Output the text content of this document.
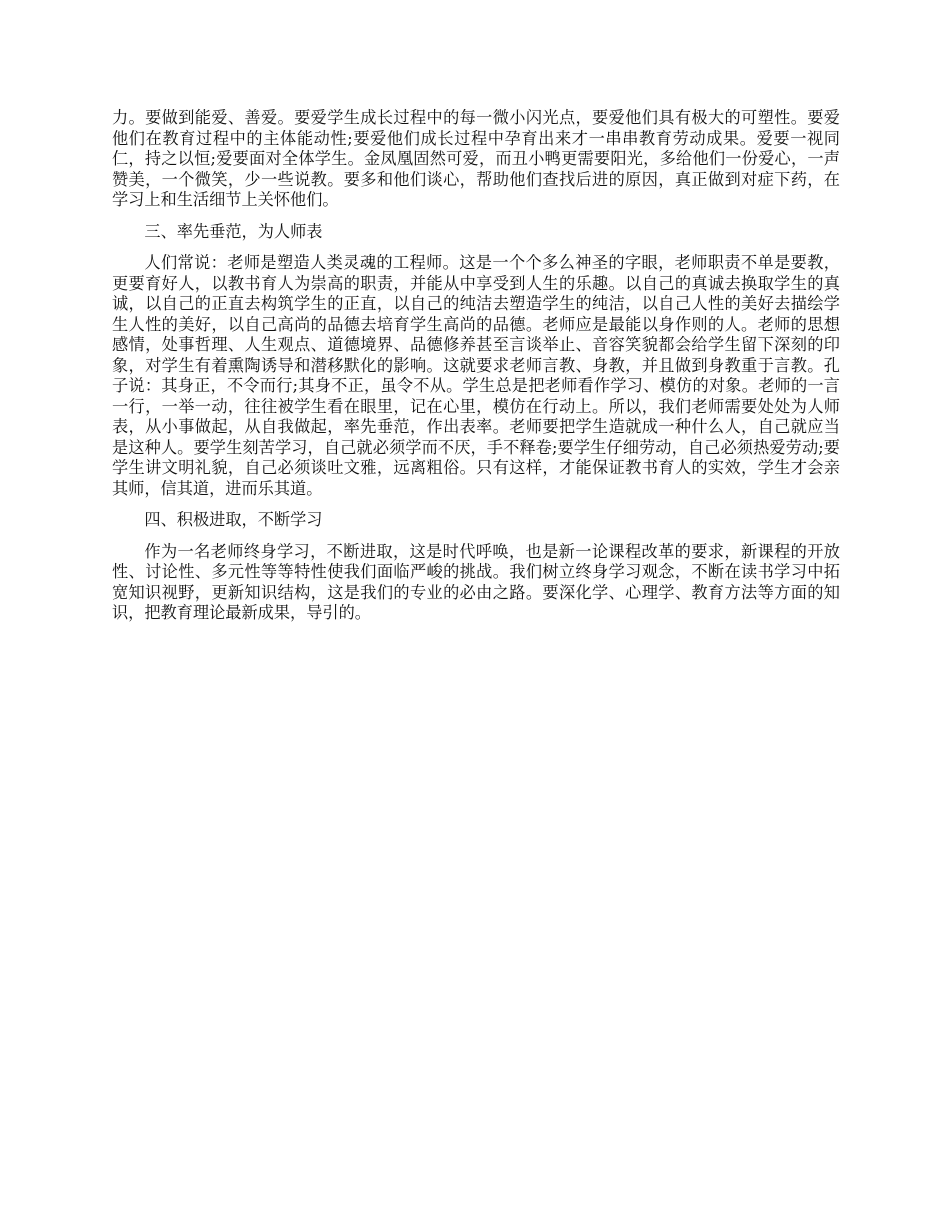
力。要做到能爱、善爱。要爱学生成长过程中的每一微小闪光点，要爱他们具有极大的可塑性。要爱他们在教育过程中的主体能动性;要爱他们成长过程中孕育出来才一串串教育劳动成果。爱要一视同仁，持之以恒;爱要面对全体学生。金凤凰固然可爱，而丑小鸭更需要阳光，多给他们一份爱心，一声赞美，一个微笑，少一些说教。要多和他们谈心，帮助他们查找后进的原因，真正做到对症下药，在学习上和生活细节上关怀他们。

三、率先垂范，为人师表

人们常说：老师是塑造人类灵魂的工程师。这是一个个多么神圣的字眼，老师职责不单是要教，更要育好人，以教书育人为崇高的职责，并能从中享受到人生的乐趣。以自己的真诚去换取学生的真诚，以自己的正直去构筑学生的正直，以自己的纯洁去塑造学生的纯洁，以自己人性的美好去描绘学生人性的美好，以自己高尚的品德去培育学生高尚的品德。老师应是最能以身作则的人。老师的思想感情，处事哲理、人生观点、道德境界、品德修养甚至言谈举止、音容笑貌都会给学生留下深刻的印象，对学生有着熏陶诱导和潜移默化的影响。这就要求老师言教、身教，并且做到身教重于言教。孔子说：其身正，不令而行;其身不正，虽令不从。学生总是把老师看作学习、模仿的对象。老师的一言一行，一举一动，往往被学生看在眼里，记在心里，模仿在行动上。所以，我们老师需要处处为人师表，从小事做起，从自我做起，率先垂范，作出表率。老师要把学生造就成一种什么人，自己就应当是这种人。要学生刻苦学习，自己就必须学而不厌，手不释卷;要学生仔细劳动，自己必须热爱劳动;要学生讲文明礼貌，自己必须谈吐文雅，远离粗俗。只有这样，才能保证教书育人的实效，学生才会亲其师，信其道，进而乐其道。

四、积极进取，不断学习

作为一名老师终身学习，不断进取，这是时代呼唤，也是新一论课程改革的要求，新课程的开放性、讨论性、多元性等等特性使我们面临严峻的挑战。我们树立终身学习观念，不断在读书学习中拓宽知识视野，更新知识结构，这是我们的专业的必由之路。要深化学、心理学、教育方法等方面的知识，把教育理论最新成果，导引的。
